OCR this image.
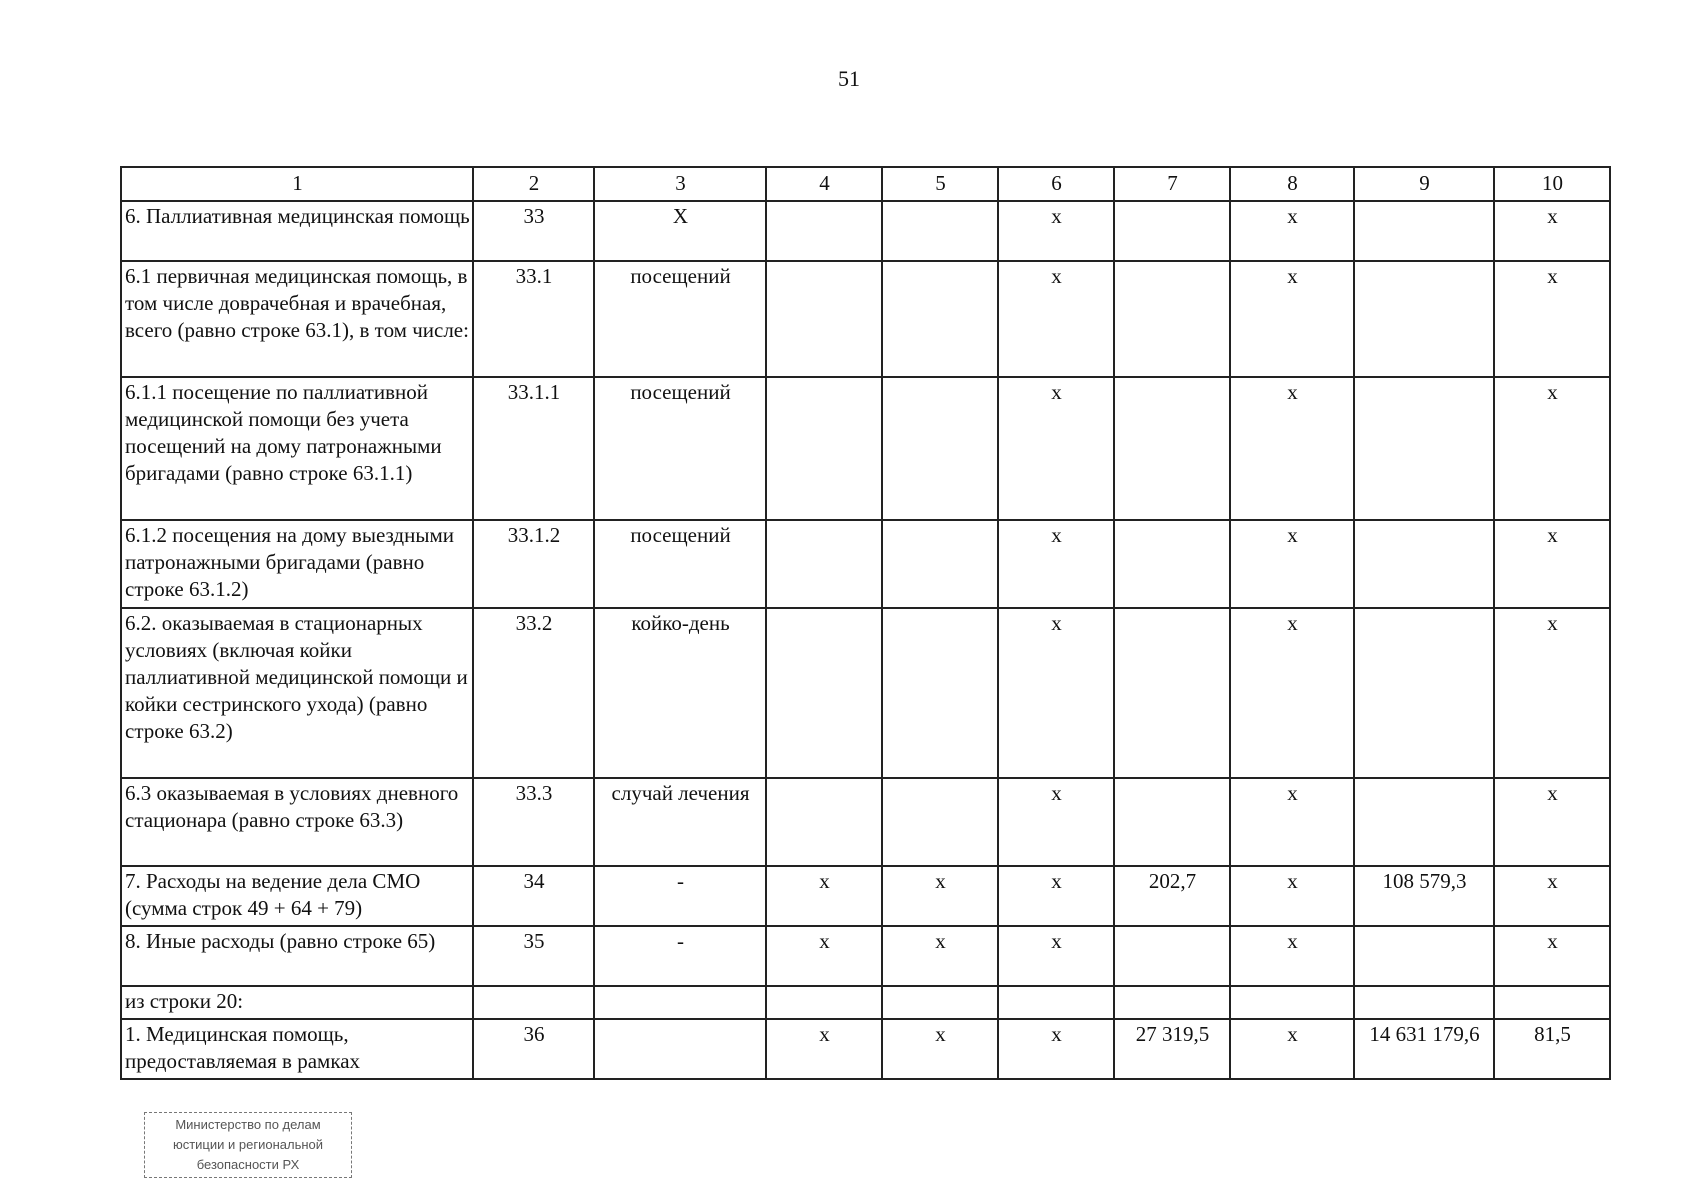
51
1	2	3	4	5	6	7	8	9	10
6. Паллиативная медицинская помощь	33	Х			х		х		х
6.1 первичная медицинская помощь, в том числе доврачебная и врачебная, всего (равно строке 63.1), в том числе:	33.1	посещений			х		х		х
6.1.1 посещение по паллиативной медицинской помощи без учета посещений на дому патронажными бригадами (равно строке 63.1.1)	33.1.1	посещений			х		х		х
6.1.2 посещения на дому выездными патронажными бригадами (равно строке 63.1.2)	33.1.2	посещений			х		х		х
6.2. оказываемая в стационарных условиях (включая койки паллиативной медицинской помощи и койки сестринского ухода) (равно строке 63.2)	33.2	койко-день			х		х		х
6.3 оказываемая в условиях дневного стационара (равно строке 63.3)	33.3	случай лечения			х		х		х
7. Расходы на ведение дела СМО (сумма строк 49 + 64 + 79)	34	-	х	х	х	202,7	х	108 579,3	х
8. Иные расходы (равно строке 65)	35	-	х	х	х		х		х
из строки 20:									
1. Медицинская помощь, предоставляемая в рамках	36		х	х	х	27 319,5	х	14 631 179,6	81,5
Министерство по делам
юстиции и региональной
безопасности РХ
